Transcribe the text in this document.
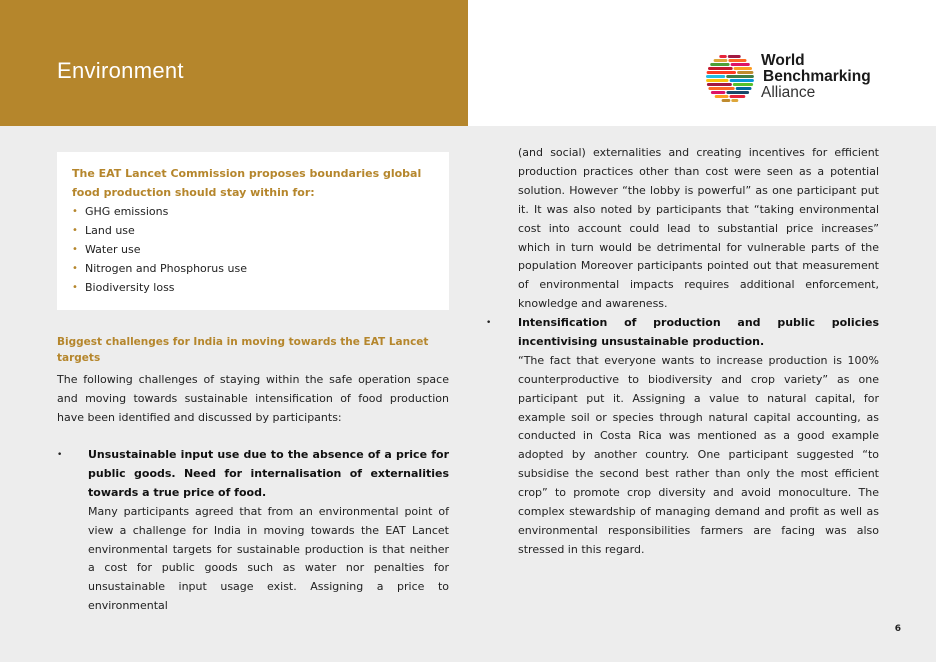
Environment	World
Benchmarking
Alliance

The EAT Lancet Commission proposes boundaries global food production should stay within for:

• GHG emissions
• Land use
• Water use
• Nitrogen and Phosphorus use
• Biodiversity loss
Biggest challenges for India in moving towards the EAT Lancet targets

The following challenges of staying within the safe operation space and moving towards sustainable intensification of food production have been identified and discussed by participants:

• Unsustainable input use due to the absence of a price for public goods. Need for internalisation of externalities towards a true price of food.

Many participants agreed that from an environmental point of view a challenge for India in moving towards the EAT Lancet environmental targets for sustainable production is that neither a cost for public goods such as water nor penalties for unsustainable input usage exist. Assigning a price to environmental

(and social) externalities and creating incentives for efficient production practices other than cost were seen as a potential solution. However “the lobby is powerful” as one participant put it. It was also noted by participants that “taking environmental cost into account could lead to substantial price increases” which in turn would be detrimental for vulnerable parts of the population Moreover participants pointed out that measurement of environmental impacts requires additional enforcement, knowledge and awareness.

• Intensification of production and public policies incentivising unsustainable production.

“The fact that everyone wants to increase production is 100% counterproductive to biodiversity and crop variety” as one participant put it. Assigning a value to natural capital, for example soil or species through natural capital accounting, as conducted in Costa Rica was mentioned as a good example adopted by another country. One participant suggested “to subsidise the second best rather than only the most efficient crop” to promote crop diversity and avoid monoculture. The complex stewardship of managing demand and profit as well as environmental responsibilities farmers are facing was also stressed in this regard.

6
